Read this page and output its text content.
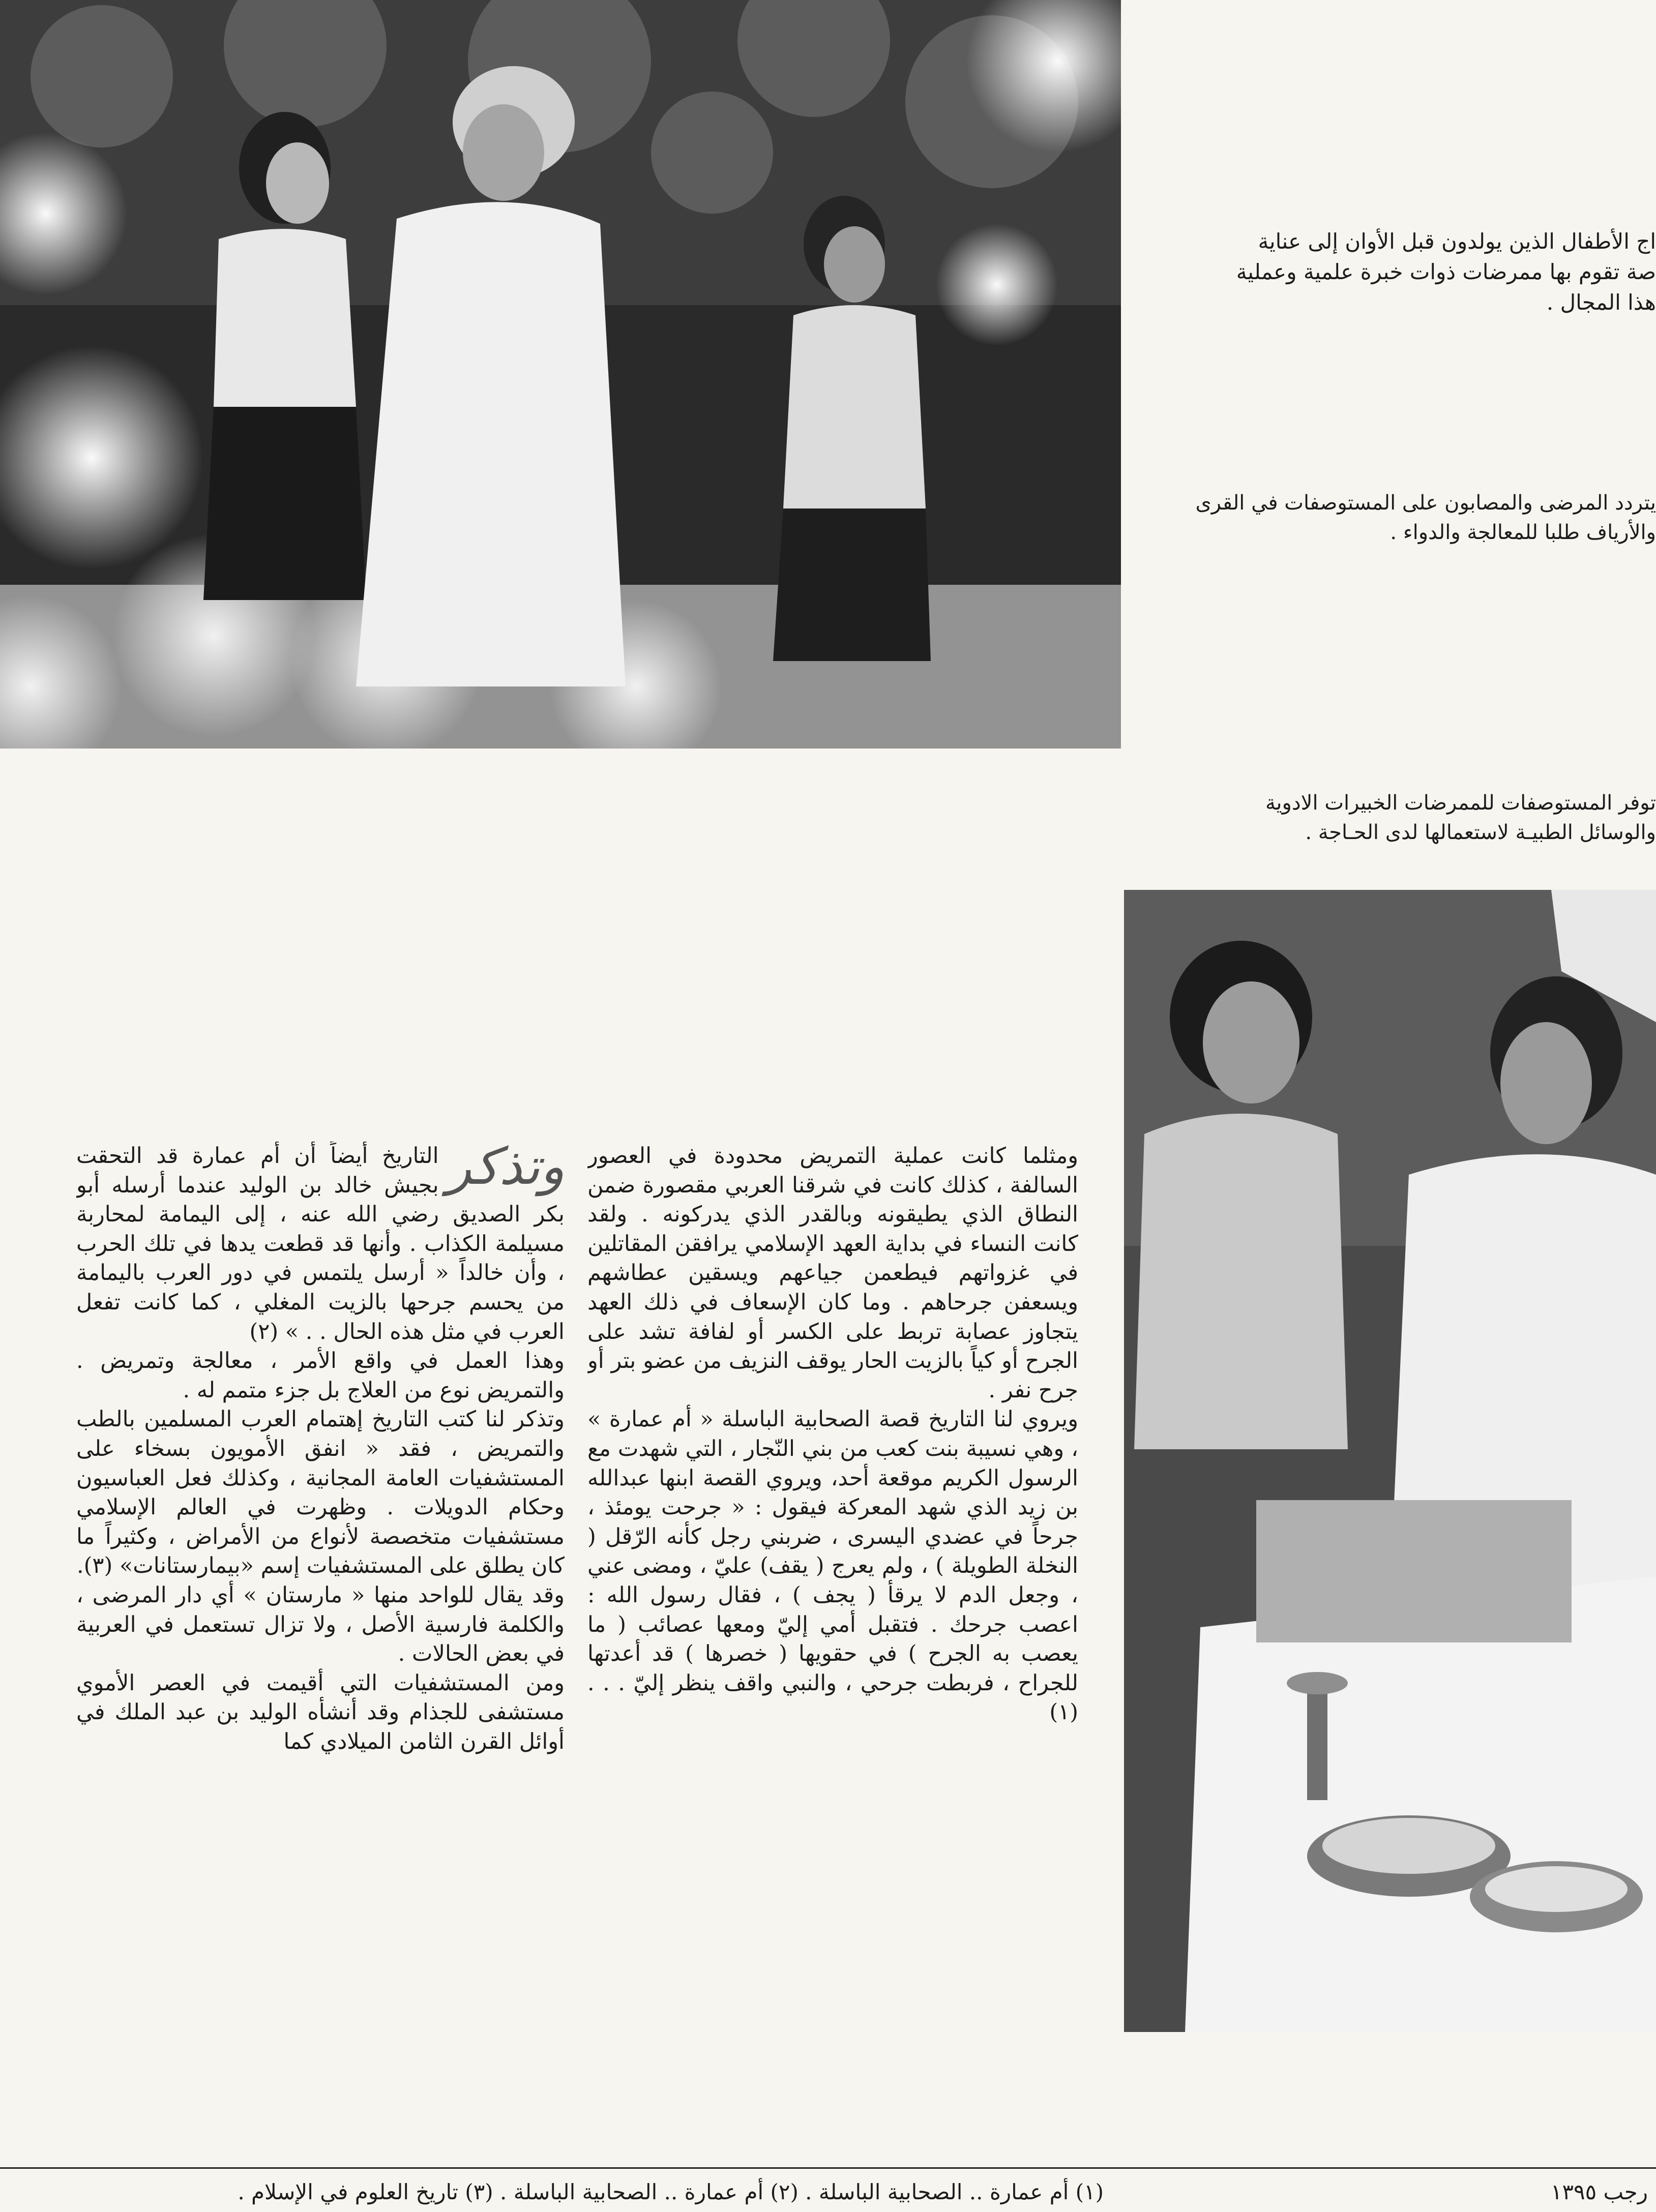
اج الأطفال الذين يولدون قبل الأوان إلى عناية
صة تقوم بها ممرضات ذوات خبرة علمية وعملية
هذا المجال .
يتردد المرضى والمصابون على المستوصفات في القرى
والأرياف طلبا للمعالجة والدواء .
توفر المستوصفات للممرضات الخبيرات الادوية
والوسائل الطبيـة لاستعمالها لدى الحـاجة .
ومثلما كانت عملية التمريض محدودة في العصور السالفة ، كذلك كانت في شرقنا العربي مقصورة ضمن النطاق الذي يطيقونه وبالقدر الذي يدركونه . ولقد كانت النساء في بداية العهد الإسلامي يرافقن المقاتلين في غزواتهم فيطعمن جياعهم ويسقين عطاشهم ويسعفن جرحاهم . وما كان الإسعاف في ذلك العهد يتجاوز عصابة تربط على الكسر أو لفافة تشد على الجرح أو كياً بالزيت الحار يوقف النزيف من عضو بتر أو جرح نفر .
ويروي لنا التاريخ قصة الصحابية الباسلة « أم عمارة » ، وهي نسيبة بنت كعب من بني النّجار ، التي شهدت مع الرسول الكريم موقعة أحد، ويروي القصة ابنها عبدالله بن زيد الذي شهد المعركة فيقول : « جرحت يومئذ ، جرحاً في عضدي اليسرى ، ضربني رجل كأنه الرّقل ( النخلة الطويلة ) ، ولم يعرج ( يقف) عليّ ، ومضى عني ، وجعل الدم لا يرقأ ( يجف ) ، فقال رسول الله : اعصب جرحك . فتقبل أمي إليّ ومعها عصائب ( ما يعصب به الجرح ) في حقويها ( خصرها ) قد أعدتها للجراح ، فربطت جرحي ، والنبي واقف ينظر إليّ . . . (١)
وتذكر
التاريخ أيضاً أن أم عمارة قد التحقت بجيش خالد بن الوليد عندما أرسله أبو بكر الصديق رضي الله عنه ، إلى اليمامة لمحاربة مسيلمة الكذاب . وأنها قد قطعت يدها في تلك الحرب ، وأن خالداً « أرسل يلتمس في دور العرب باليمامة من يحسم جرحها بالزيت المغلي ، كما كانت تفعل العرب في مثل هذه الحال . . » (٢)
وهذا العمل في واقع الأمر ، معالجة وتمريض . والتمريض نوع من العلاج بل جزء متمم له .
وتذكر لنا كتب التاريخ إهتمام العرب المسلمين بالطب والتمريض ، فقد « انفق الأمويون بسخاء على المستشفيات العامة المجانية ، وكذلك فعل العباسيون وحكام الدويلات . وظهرت في العالم الإسلامي مستشفيات متخصصة لأنواع من الأمراض ، وكثيراً ما كان يطلق على المستشفيات إسم «بيمارستانات» (٣).
وقد يقال للواحد منها « مارستان » أي دار المرضى ، والكلمة فارسية الأصل ، ولا تزال تستعمل في العربية في بعض الحالات .
ومن المستشفيات التي أقيمت في العصر الأموي مستشفى للجذام وقد أنشأه الوليد بن عبد الملك في أوائل القرن الثامن الميلادي كما
(١) أم عمارة .. الصحابية الباسلة . (٢) أم عمارة .. الصحابية الباسلة . (٣) تاريخ العلوم في الإسلام .	رجب ١٣٩٥
